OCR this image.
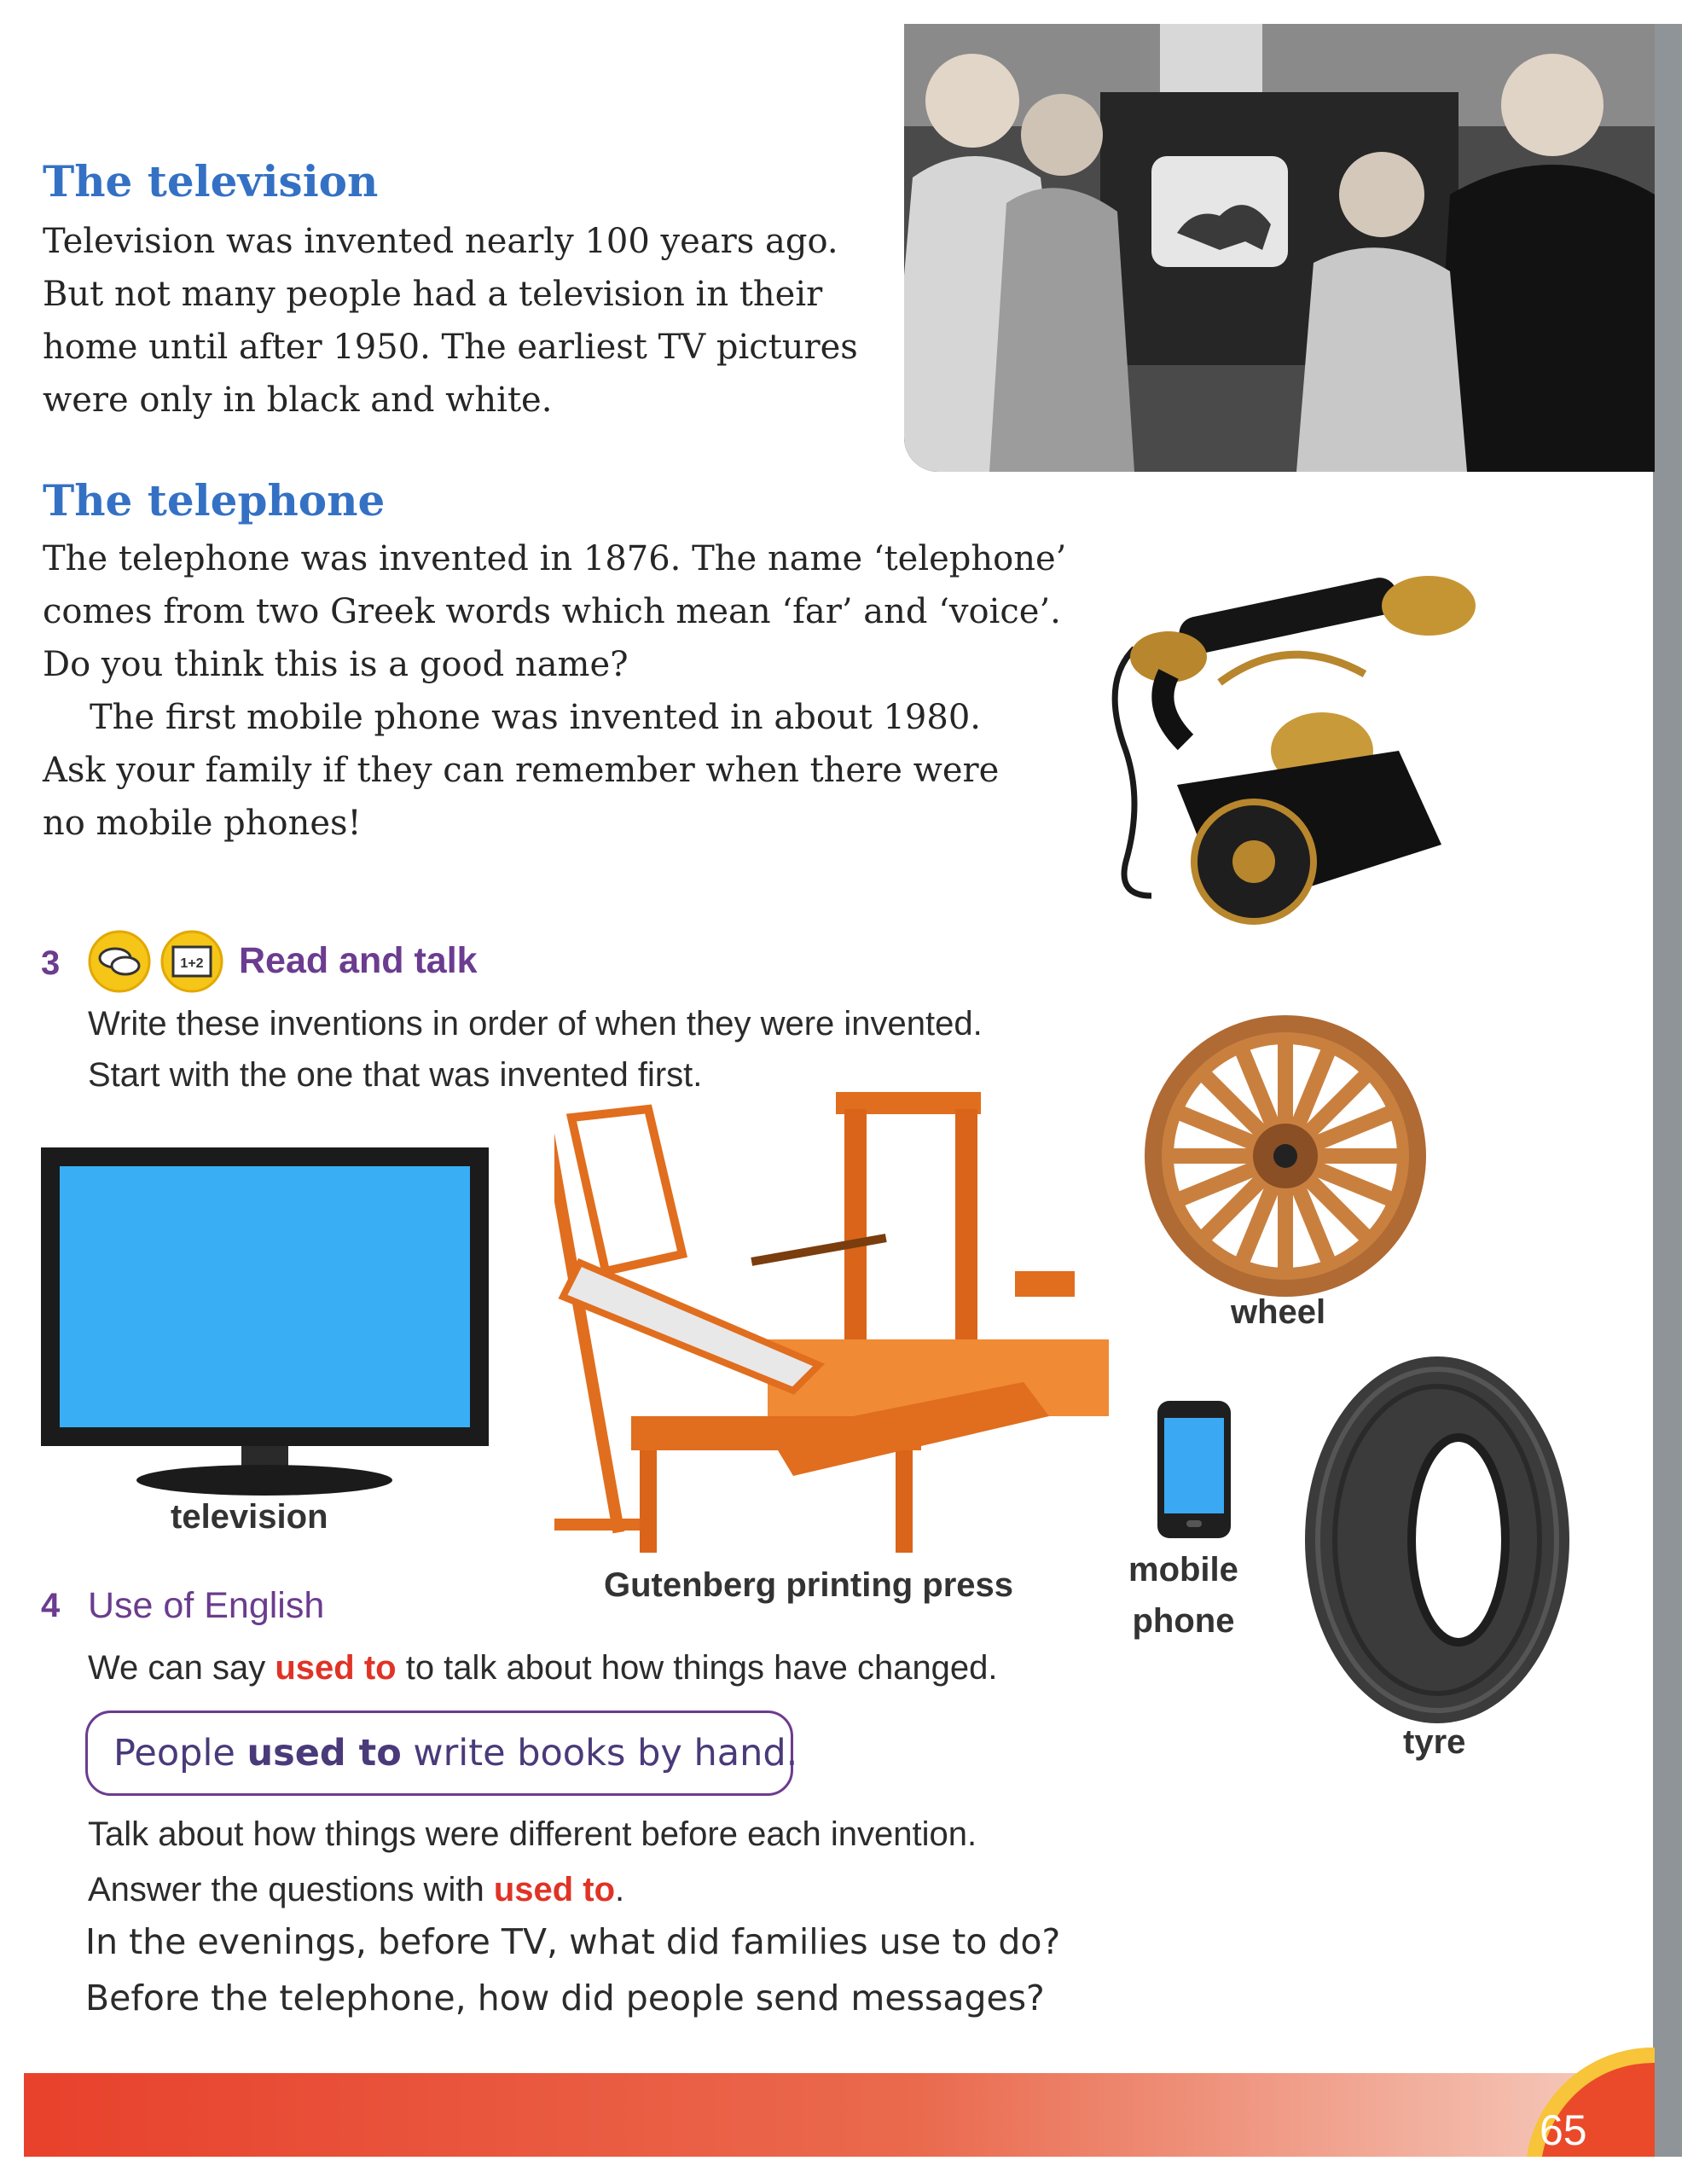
The television
Television was invented nearly 100 years ago.
But not many people had a television in their
home until after 1950. The earliest TV pictures
were only in black and white.
The telephone
The telephone was invented in 1876. The name ‘telephone’
comes from two Greek words which mean ‘far’ and ‘voice’.
Do you think this is a good name?
The first mobile phone was invented in about 1980.
Ask your family if they can remember when there were
no mobile phones!
3	1+2 Read and talk
Write these inventions in order of when they were invented.
Start with the one that was invented first.
television
Gutenberg printing press
wheel
mobile
phone
tyre
4 Use of English
We can say used to to talk about how things have changed.
People used to write books by hand.
Talk about how things were different before each invention.
Answer the questions with used to.
In the evenings, before TV, what did families use to do?
Before the telephone, how did people send messages?
65
